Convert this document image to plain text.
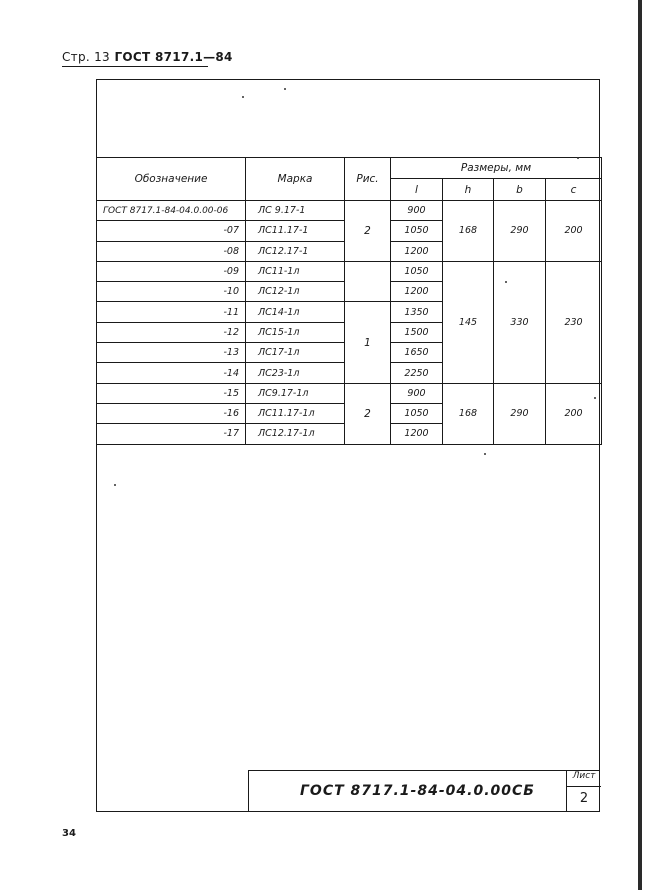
Стр. 13 ГОСТ 8717.1—84
Обозначение	Марка	Рис.	Размеры, мм			
			l	h	b	c
ГОСТ 8717.1-84-04.0.00-06	ЛС 9.17-1	2	900	168	290	200
-07	ЛС11.17-1		1050			
-08	ЛС12.17-1		1200			
-09	ЛС11-1л		1050	145	330	230
-10	ЛС12-1л		1200			
-11	ЛС14-1л	1	1350			
-12	ЛС15-1л		1500			
-13	ЛС17-1л		1650			
-14	ЛС23-1л		2250			
-15	ЛС9.17-1л	2	900	168	290	200
-16	ЛС11.17-1л		1050			
-17	ЛС12.17-1л		1200			
ГОСТ 8717.1-84-04.0.00СБ
Лист
2
34
